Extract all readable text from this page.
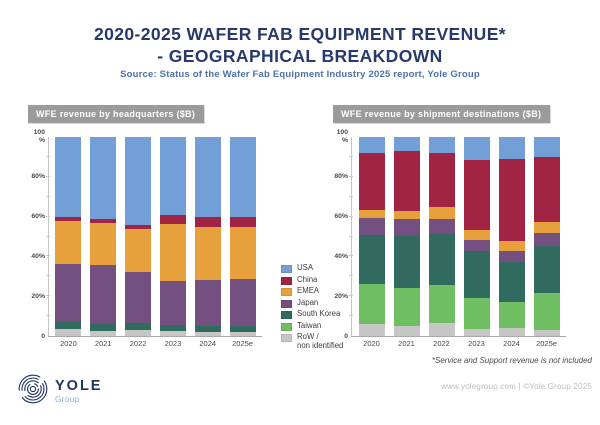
2020-2025 WAFER FAB EQUIPMENT REVENUE*
- GEOGRAPHICAL BREAKDOWN
Source: Status of the Wafer Fab Equipment Industry 2025 report, Yole Group
WFE revenue by headquarters ($B)	WFE revenue by shipment destinations ($B)
100
%
80%
60%
40%
20%
0
2020	2021	2022	2023	2024	2025e
100
%
80%
60%
40%
20%
0
2020	2021	2022	2023	2024	2025e
USA
China
EMEA
Japan
South Korea
Taiwan
RoW /
non identified
*Service and Support revenue is not included
www.yolegroup.com | ©Yole Group 2025
YOLE
Group
